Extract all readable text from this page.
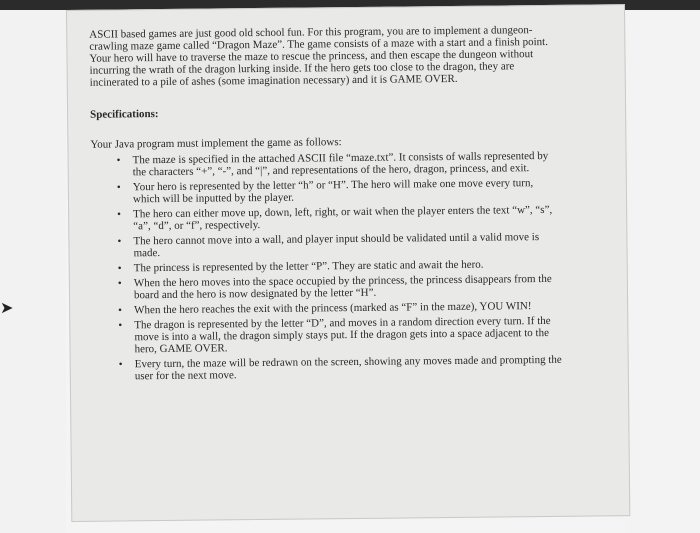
➤

ASCII based games are just good old school fun. For this program, you are to implement a dungeon-crawling maze game called “Dragon Maze”. The game consists of a maze with a start and a finish point. Your hero will have to traverse the maze to rescue the princess, and then escape the dungeon without incurring the wrath of the dragon lurking inside. If the hero gets too close to the dragon, they are incinerated to a pile of ashes (some imagination necessary) and it is GAME OVER.

Specifications:

Your Java program must implement the game as follows:

• The maze is specified in the attached ASCII file “maze.txt”. It consists of walls represented by the characters “+”, “-”, and “|”, and representations of the hero, dragon, princess, and exit.
• Your hero is represented by the letter “h” or “H”. The hero will make one move every turn, which will be inputted by the player.
• The hero can either move up, down, left, right, or wait when the player enters the text “w”, “s”, “a”, “d”, or “f”, respectively.
• The hero cannot move into a wall, and player input should be validated until a valid move is made.
• The princess is represented by the letter “P”. They are static and await the hero.
• When the hero moves into the space occupied by the princess, the princess disappears from the board and the hero is now designated by the letter “H”.
• When the hero reaches the exit with the princess (marked as “F” in the maze), YOU WIN!
• The dragon is represented by the letter “D”, and moves in a random direction every turn. If the move is into a wall, the dragon simply stays put. If the dragon gets into a space adjacent to the hero, GAME OVER.
• Every turn, the maze will be redrawn on the screen, showing any moves made and prompting the user for the next move.
